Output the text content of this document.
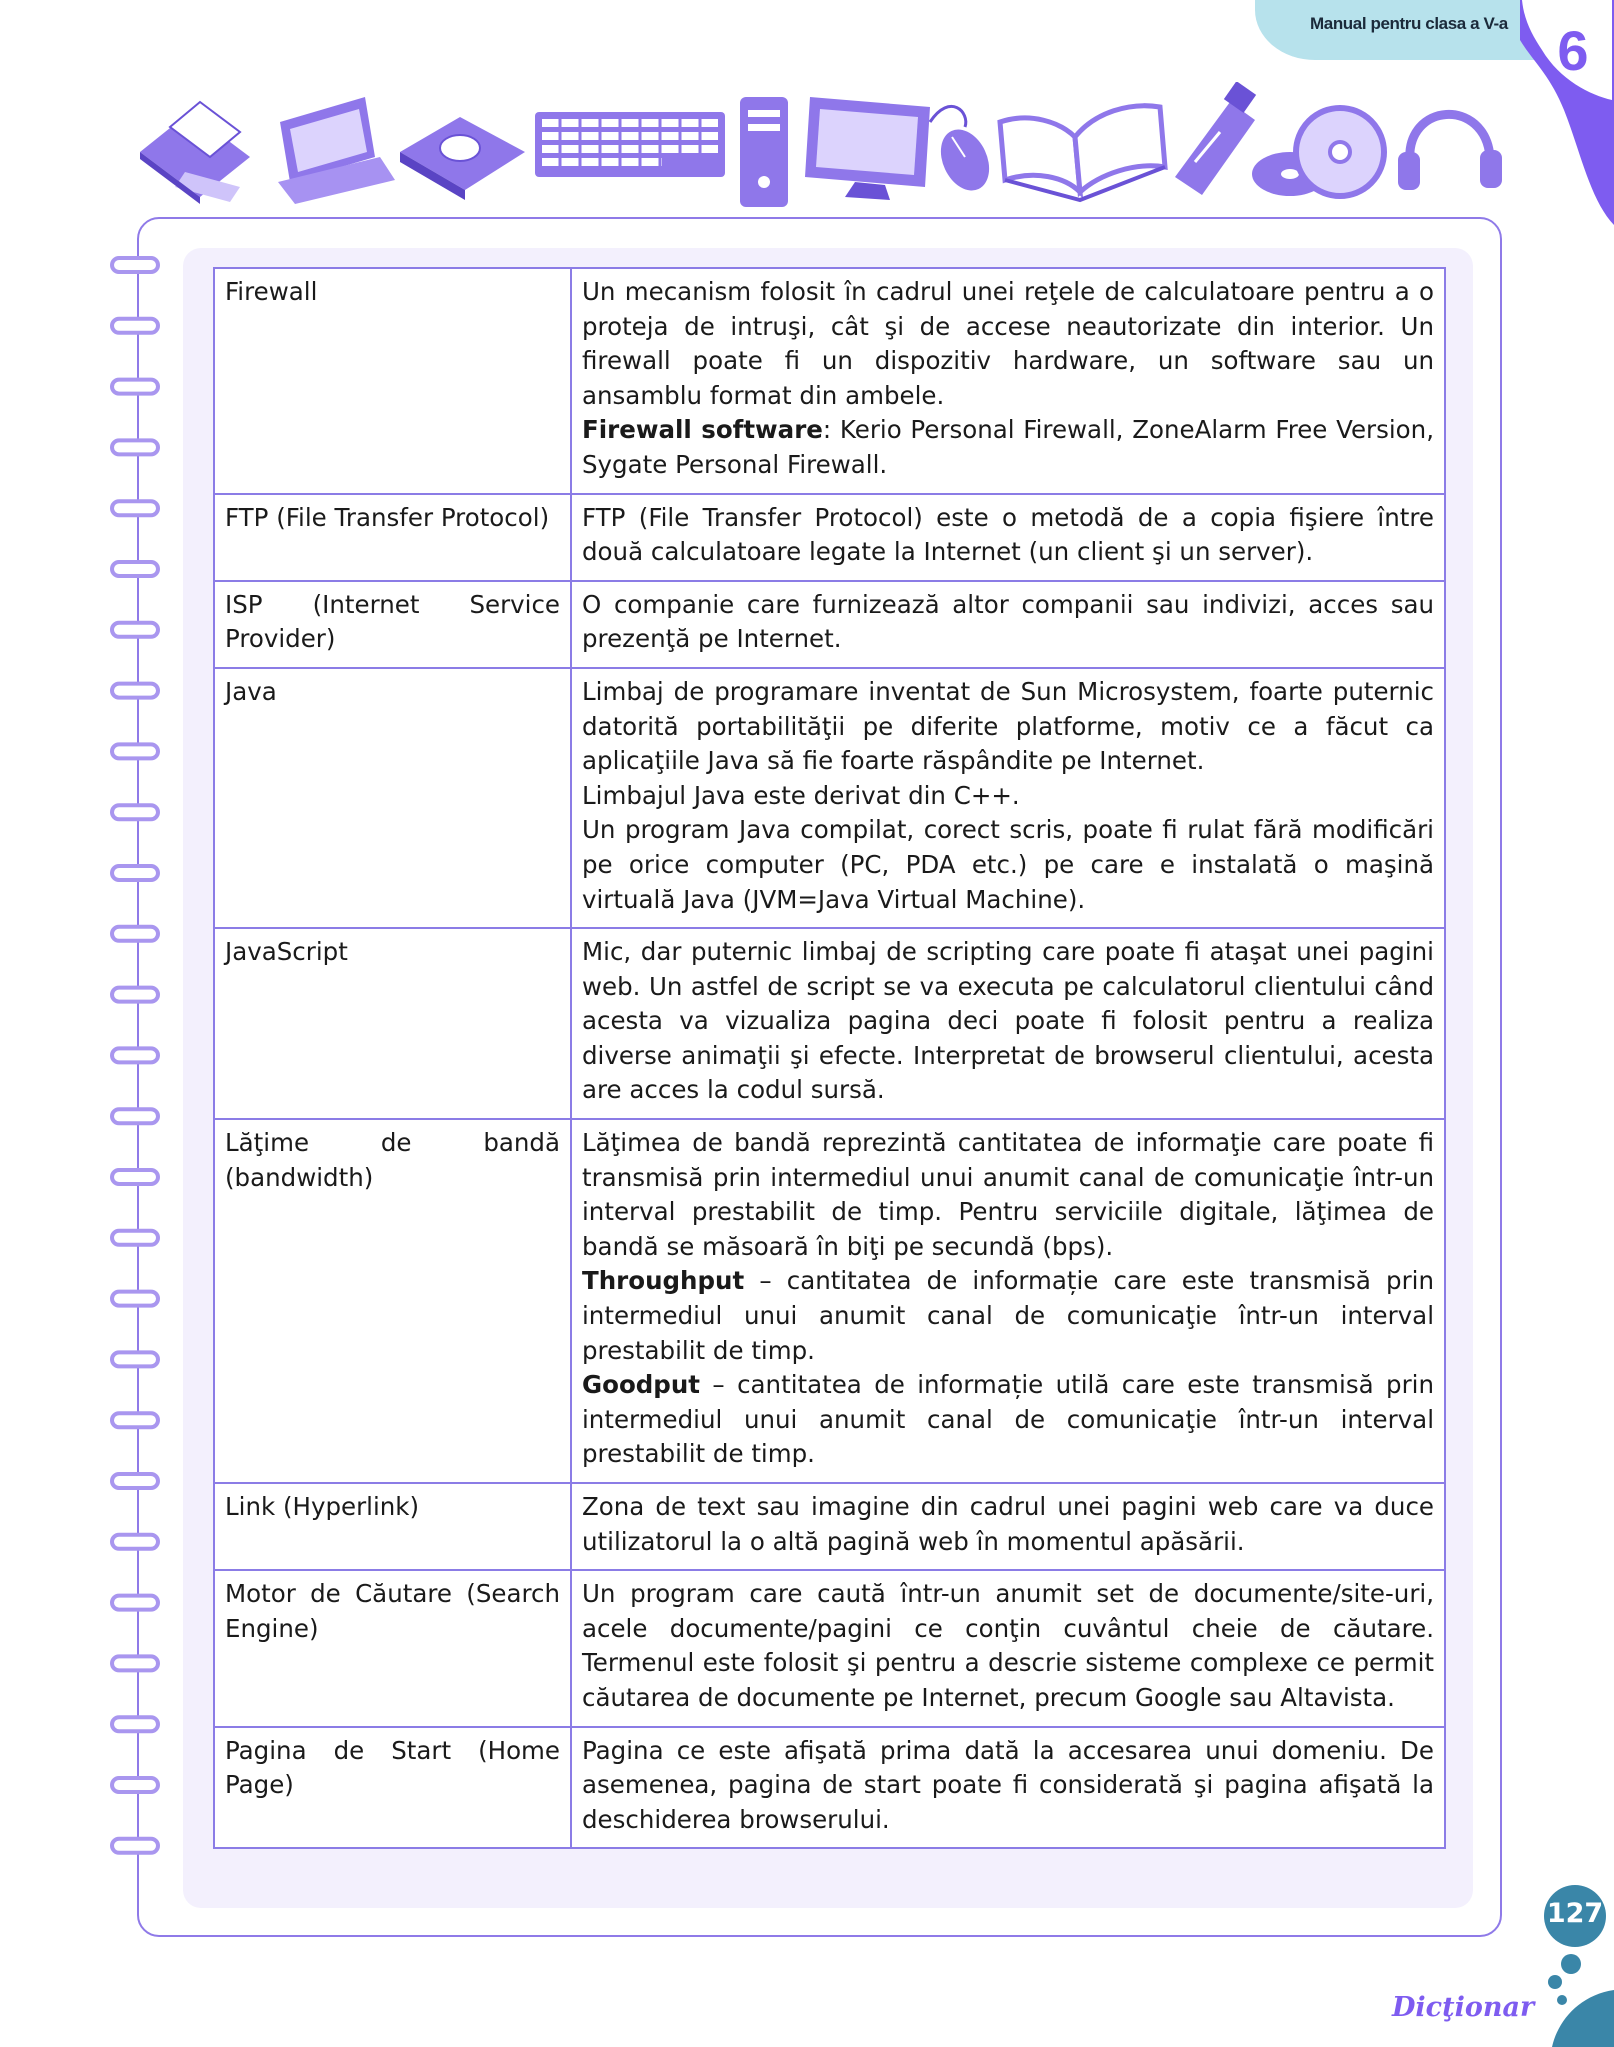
Manual pentru clasa a V-a 6
Firewall	Un mecanism folosit în cadrul unei reţele de calculatoare pentru a o proteja de intruşi, cât şi de accese neautorizate din interior. Un firewall poate fi un dispozitiv hardware, un software sau un ansamblu format din ambele.
Firewall software: Kerio Personal Firewall, ZoneAlarm Free Version, Sygate Personal Firewall.

FTP (File Transfer Protocol)	FTP (File Transfer Protocol) este o metodă de a copia fişiere între două calculatoare legate la Internet (un client şi un server).

ISP (Internet Service Provider)	O companie care furnizează altor companii sau indivizi, acces sau prezenţă pe Internet.

Java	Limbaj de programare inventat de Sun Microsystem, foarte puternic datorită portabilităţii pe diferite platforme, motiv ce a făcut ca aplicaţiile Java să fie foarte răspândite pe Internet.
Limbajul Java este derivat din C++.
Un program Java compilat, corect scris, poate fi rulat fără modificări pe orice computer (PC, PDA etc.) pe care e instalată o maşină virtuală Java (JVM=Java Virtual Machine).

JavaScript	Mic, dar puternic limbaj de scripting care poate fi ataşat unei pagini web. Un astfel de script se va executa pe calculatorul clientului când acesta va vizualiza pagina deci poate fi folosit pentru a realiza diverse animaţii şi efecte. Interpretat de browserul clientului, acesta are acces la codul sursă.

Lăţime de bandă (bandwidth)	Lăţimea de bandă reprezintă cantitatea de informaţie care poate fi transmisă prin intermediul unui anumit canal de comunicaţie într-un interval prestabilit de timp. Pentru serviciile digitale, lăţimea de bandă se măsoară în biţi pe secundă (bps).
Throughput – cantitatea de informație care este transmisă prin intermediul unui anumit canal de comunicaţie într-un interval prestabilit de timp.
Goodput – cantitatea de informație utilă care este transmisă prin intermediul unui anumit canal de comunicaţie într-un interval prestabilit de timp.

Link (Hyperlink)	Zona de text sau imagine din cadrul unei pagini web care va duce utilizatorul la o altă pagină web în momentul apăsării.

Motor de Căutare (Search Engine)	Un program care caută într-un anumit set de documente/site-uri, acele documente/pagini ce conţin cuvântul cheie de căutare. Termenul este folosit şi pentru a descrie sisteme complexe ce permit căutarea de documente pe Internet, precum Google sau Altavista.

Pagina de Start (Home Page)	Pagina ce este afişată prima dată la accesarea unui domeniu. De asemenea, pagina de start poate fi considerată şi pagina afişată la deschiderea browserului.
127
Dicţionar
